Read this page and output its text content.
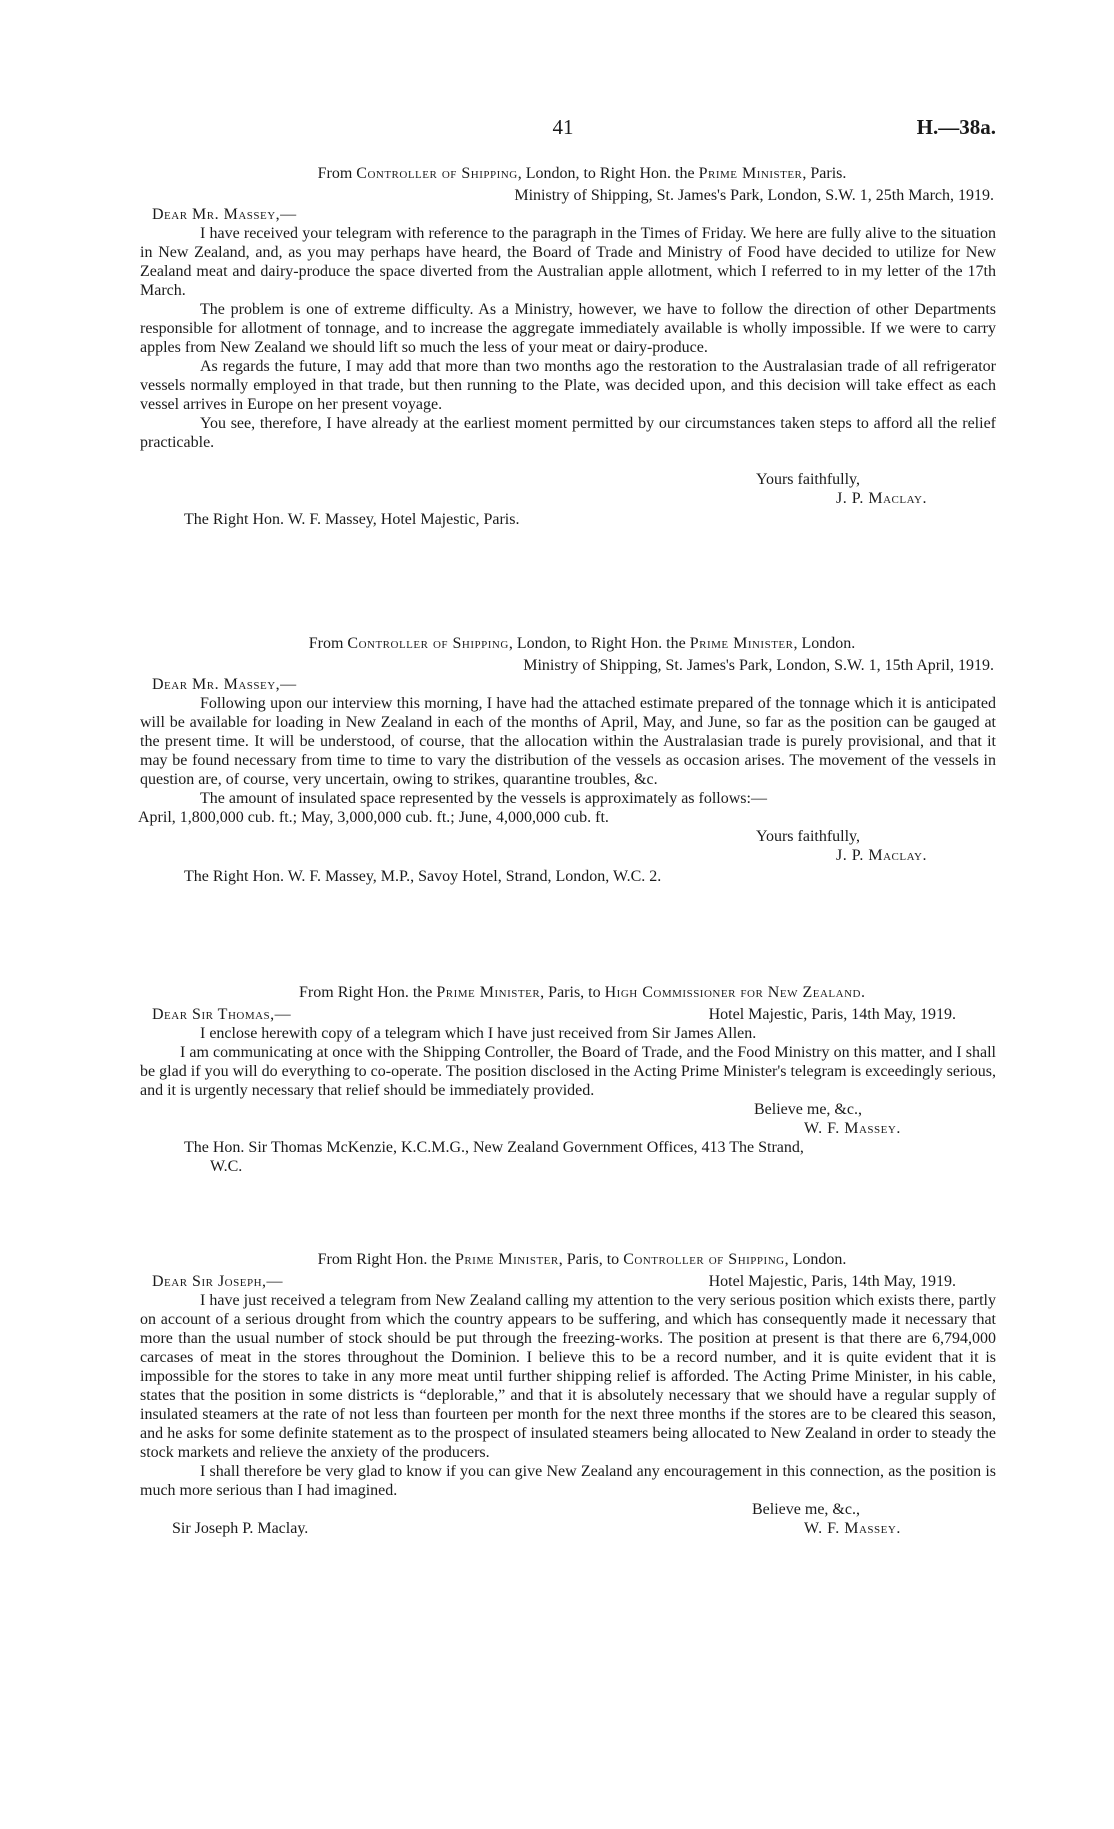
41	H.—38a.
From Controller of Shipping, London, to Right Hon. the Prime Minister, Paris.
Ministry of Shipping, St. James's Park, London, S.W. 1, 25th March, 1919.
Dear Mr. Massey,—

I have received your telegram with reference to the paragraph in the Times of Friday. We here are fully alive to the situation in New Zealand, and, as you may perhaps have heard, the Board of Trade and Ministry of Food have decided to utilize for New Zealand meat and dairy-produce the space diverted from the Australian apple allotment, which I referred to in my letter of the 17th March.

The problem is one of extreme difficulty. As a Ministry, however, we have to follow the direction of other Departments responsible for allotment of tonnage, and to increase the aggregate immediately available is wholly impossible. If we were to carry apples from New Zealand we should lift so much the less of your meat or dairy-produce.

As regards the future, I may add that more than two months ago the restoration to the Australasian trade of all refrigerator vessels normally employed in that trade, but then running to the Plate, was decided upon, and this decision will take effect as each vessel arrives in Europe on her present voyage.

You see, therefore, I have already at the earliest moment permitted by our circumstances taken steps to afford all the relief practicable.

Yours faithfully,
J. P. Maclay.
The Right Hon. W. F. Massey, Hotel Majestic, Paris.
From Controller of Shipping, London, to Right Hon. the Prime Minister, London.
Ministry of Shipping, St. James's Park, London, S.W. 1, 15th April, 1919.
Dear Mr. Massey,—

Following upon our interview this morning, I have had the attached estimate prepared of the tonnage which it is anticipated will be available for loading in New Zealand in each of the months of April, May, and June, so far as the position can be gauged at the present time. It will be understood, of course, that the allocation within the Australasian trade is purely provisional, and that it may be found necessary from time to time to vary the distribution of the vessels as occasion arises. The movement of the vessels in question are, of course, very uncertain, owing to strikes, quarantine troubles, &c.

The amount of insulated space represented by the vessels is approximately as follows:—

April, 1,800,000 cub. ft.; May, 3,000,000 cub. ft.; June, 4,000,000 cub. ft.

Yours faithfully,
J. P. Maclay.
The Right Hon. W. F. Massey, M.P., Savoy Hotel, Strand, London, W.C. 2.
From Right Hon. the Prime Minister, Paris, to High Commissioner for New Zealand.
Dear Sir Thomas,—	Hotel Majestic, Paris, 14th May, 1919.

I enclose herewith copy of a telegram which I have just received from Sir James Allen.

I am communicating at once with the Shipping Controller, the Board of Trade, and the Food Ministry on this matter, and I shall be glad if you will do everything to co-operate. The position disclosed in the Acting Prime Minister's telegram is exceedingly serious, and it is urgently necessary that relief should be immediately provided.

Believe me, &c.,
W. F. Massey.
The Hon. Sir Thomas McKenzie, K.C.M.G., New Zealand Government Offices, 413 The Strand,
W.C.
From Right Hon. the Prime Minister, Paris, to Controller of Shipping, London.
Dear Sir Joseph,—	Hotel Majestic, Paris, 14th May, 1919.

I have just received a telegram from New Zealand calling my attention to the very serious position which exists there, partly on account of a serious drought from which the country appears to be suffering, and which has consequently made it necessary that more than the usual number of stock should be put through the freezing-works. The position at present is that there are 6,794,000 carcases of meat in the stores throughout the Dominion. I believe this to be a record number, and it is quite evident that it is impossible for the stores to take in any more meat until further shipping relief is afforded. The Acting Prime Minister, in his cable, states that the position in some districts is “deplorable,” and that it is absolutely necessary that we should have a regular supply of insulated steamers at the rate of not less than fourteen per month for the next three months if the stores are to be cleared this season, and he asks for some definite statement as to the prospect of insulated steamers being allocated to New Zealand in order to steady the stock markets and relieve the anxiety of the producers.

I shall therefore be very glad to know if you can give New Zealand any encouragement in this connection, as the position is much more serious than I had imagined.

Believe me, &c.,
Sir Joseph P. Maclay.	W. F. Massey.
